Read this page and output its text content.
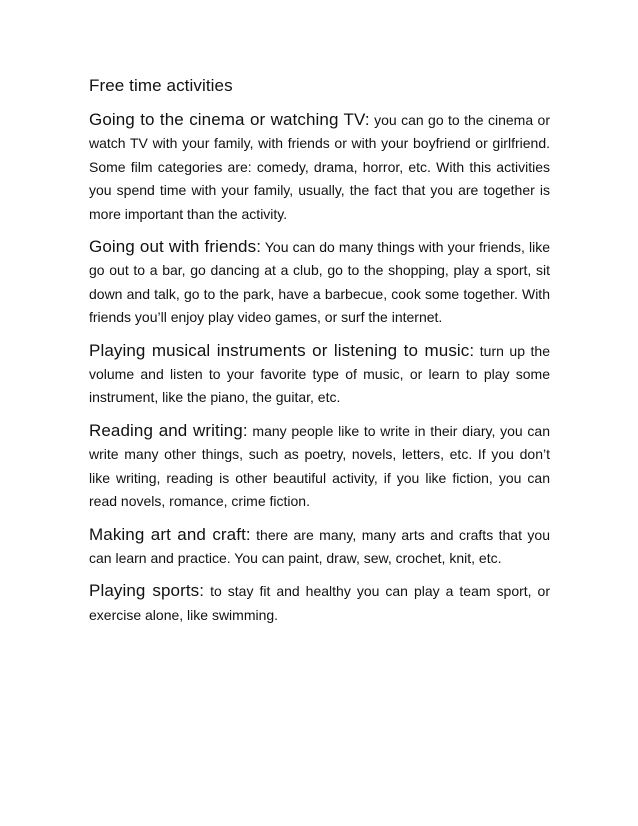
Free time activities

Going to the cinema or watching TV: you can go to the cinema or watch TV with your family, with friends or with your boyfriend or girlfriend. Some film categories are: comedy, drama, horror, etc. With this activities you spend time with your family, usually, the fact that you are together is more important than the activity.

Going out with friends: You can do many things with your friends, like go out to a bar, go dancing at a club, go to the shopping, play a sport, sit down and talk, go to the park, have a barbecue, cook some together. With friends you’ll enjoy play video games, or surf the internet.

Playing musical instruments or listening to music: turn up the volume and listen to your favorite type of music, or learn to play some instrument, like the piano, the guitar, etc.

Reading and writing: many people like to write in their diary, you can write many other things, such as poetry, novels, letters, etc. If you don’t like writing, reading is other beautiful activity, if you like fiction, you can read novels, romance, crime fiction.

Making art and craft: there are many, many arts and crafts that you can learn and practice. You can paint, draw, sew, crochet, knit, etc.

Playing sports: to stay fit and healthy you can play a team sport, or exercise alone, like swimming.
